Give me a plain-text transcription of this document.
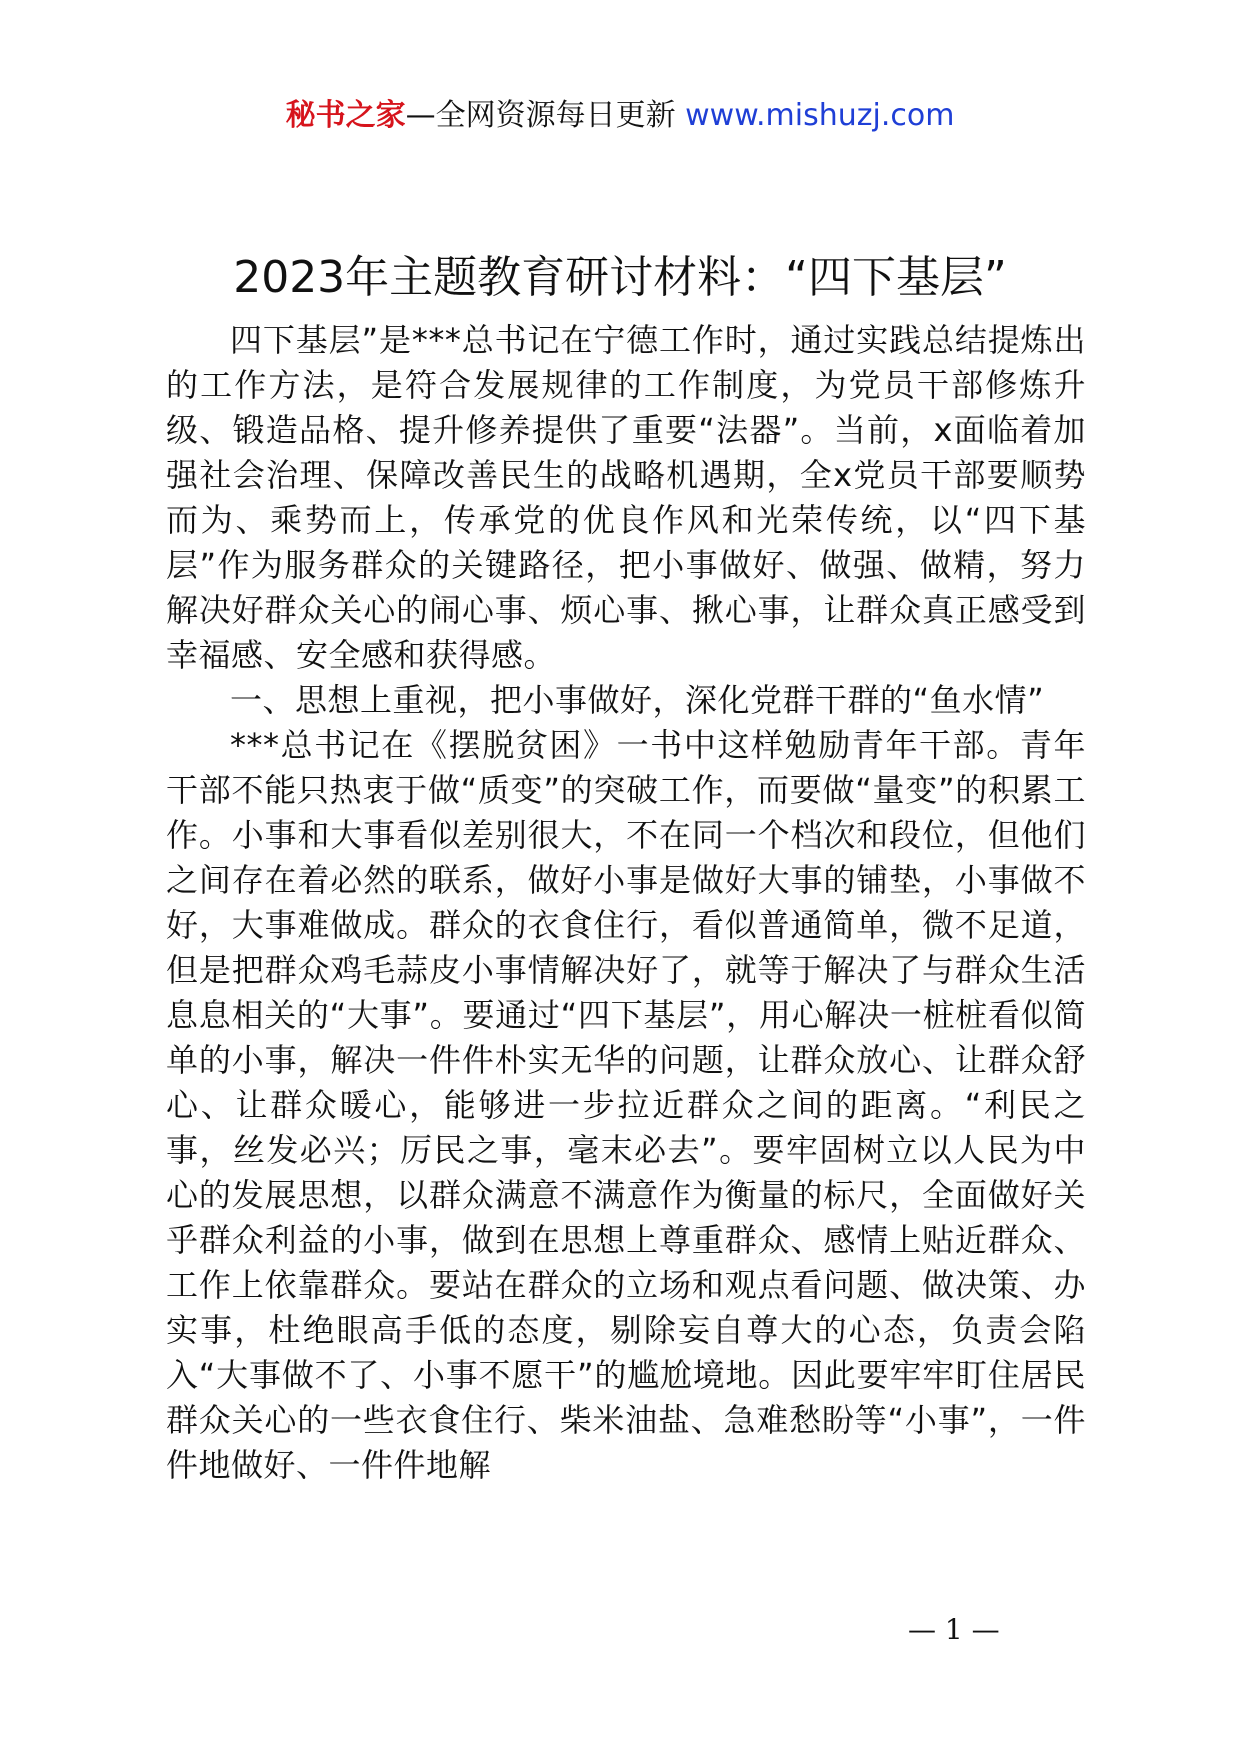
秘书之家—全网资源每日更新 www.mishuzj.com
2023年主题教育研讨材料：“四下基层”

四下基层”是***总书记在宁德工作时，通过实践总结提炼出的工作方法，是符合发展规律的工作制度，为党员干部修炼升级、锻造品格、提升修养提供了重要“法器”。当前，x面临着加强社会治理、保障改善民生的战略机遇期，全x党员干部要顺势而为、乘势而上，传承党的优良作风和光荣传统，以“四下基层”作为服务群众的关键路径，把小事做好、做强、做精，努力解决好群众关心的闹心事、烦心事、揪心事，让群众真正感受到幸福感、安全感和获得感。

一、思想上重视，把小事做好，深化党群干群的“鱼水情”

***总书记在《摆脱贫困》一书中这样勉励青年干部。青年干部不能只热衷于做“质变”的突破工作，而要做“量变”的积累工作。小事和大事看似差别很大，不在同一个档次和段位，但他们之间存在着必然的联系，做好小事是做好大事的铺垫，小事做不好，大事难做成。群众的衣食住行，看似普通简单，微不足道，但是把群众鸡毛蒜皮小事情解决好了，就等于解决了与群众生活息息相关的“大事”。要通过“四下基层”，用心解决一桩桩看似简单的小事，解决一件件朴实无华的问题，让群众放心、让群众舒心、让群众暖心，能够进一步拉近群众之间的距离。“利民之事，丝发必兴；厉民之事，毫末必去”。要牢固树立以人民为中心的发展思想，以群众满意不满意作为衡量的标尺，全面做好关乎群众利益的小事，做到在思想上尊重群众、感情上贴近群众、工作上依靠群众。要站在群众的立场和观点看问题、做决策、办实事，杜绝眼高手低的态度，剔除妄自尊大的心态，负责会陷入“大事做不了、小事不愿干”的尴尬境地。因此要牢牢盯住居民群众关心的一些衣食住行、柴米油盐、急难愁盼等“小事”，一件件地做好、一件件地解

— 1 —
